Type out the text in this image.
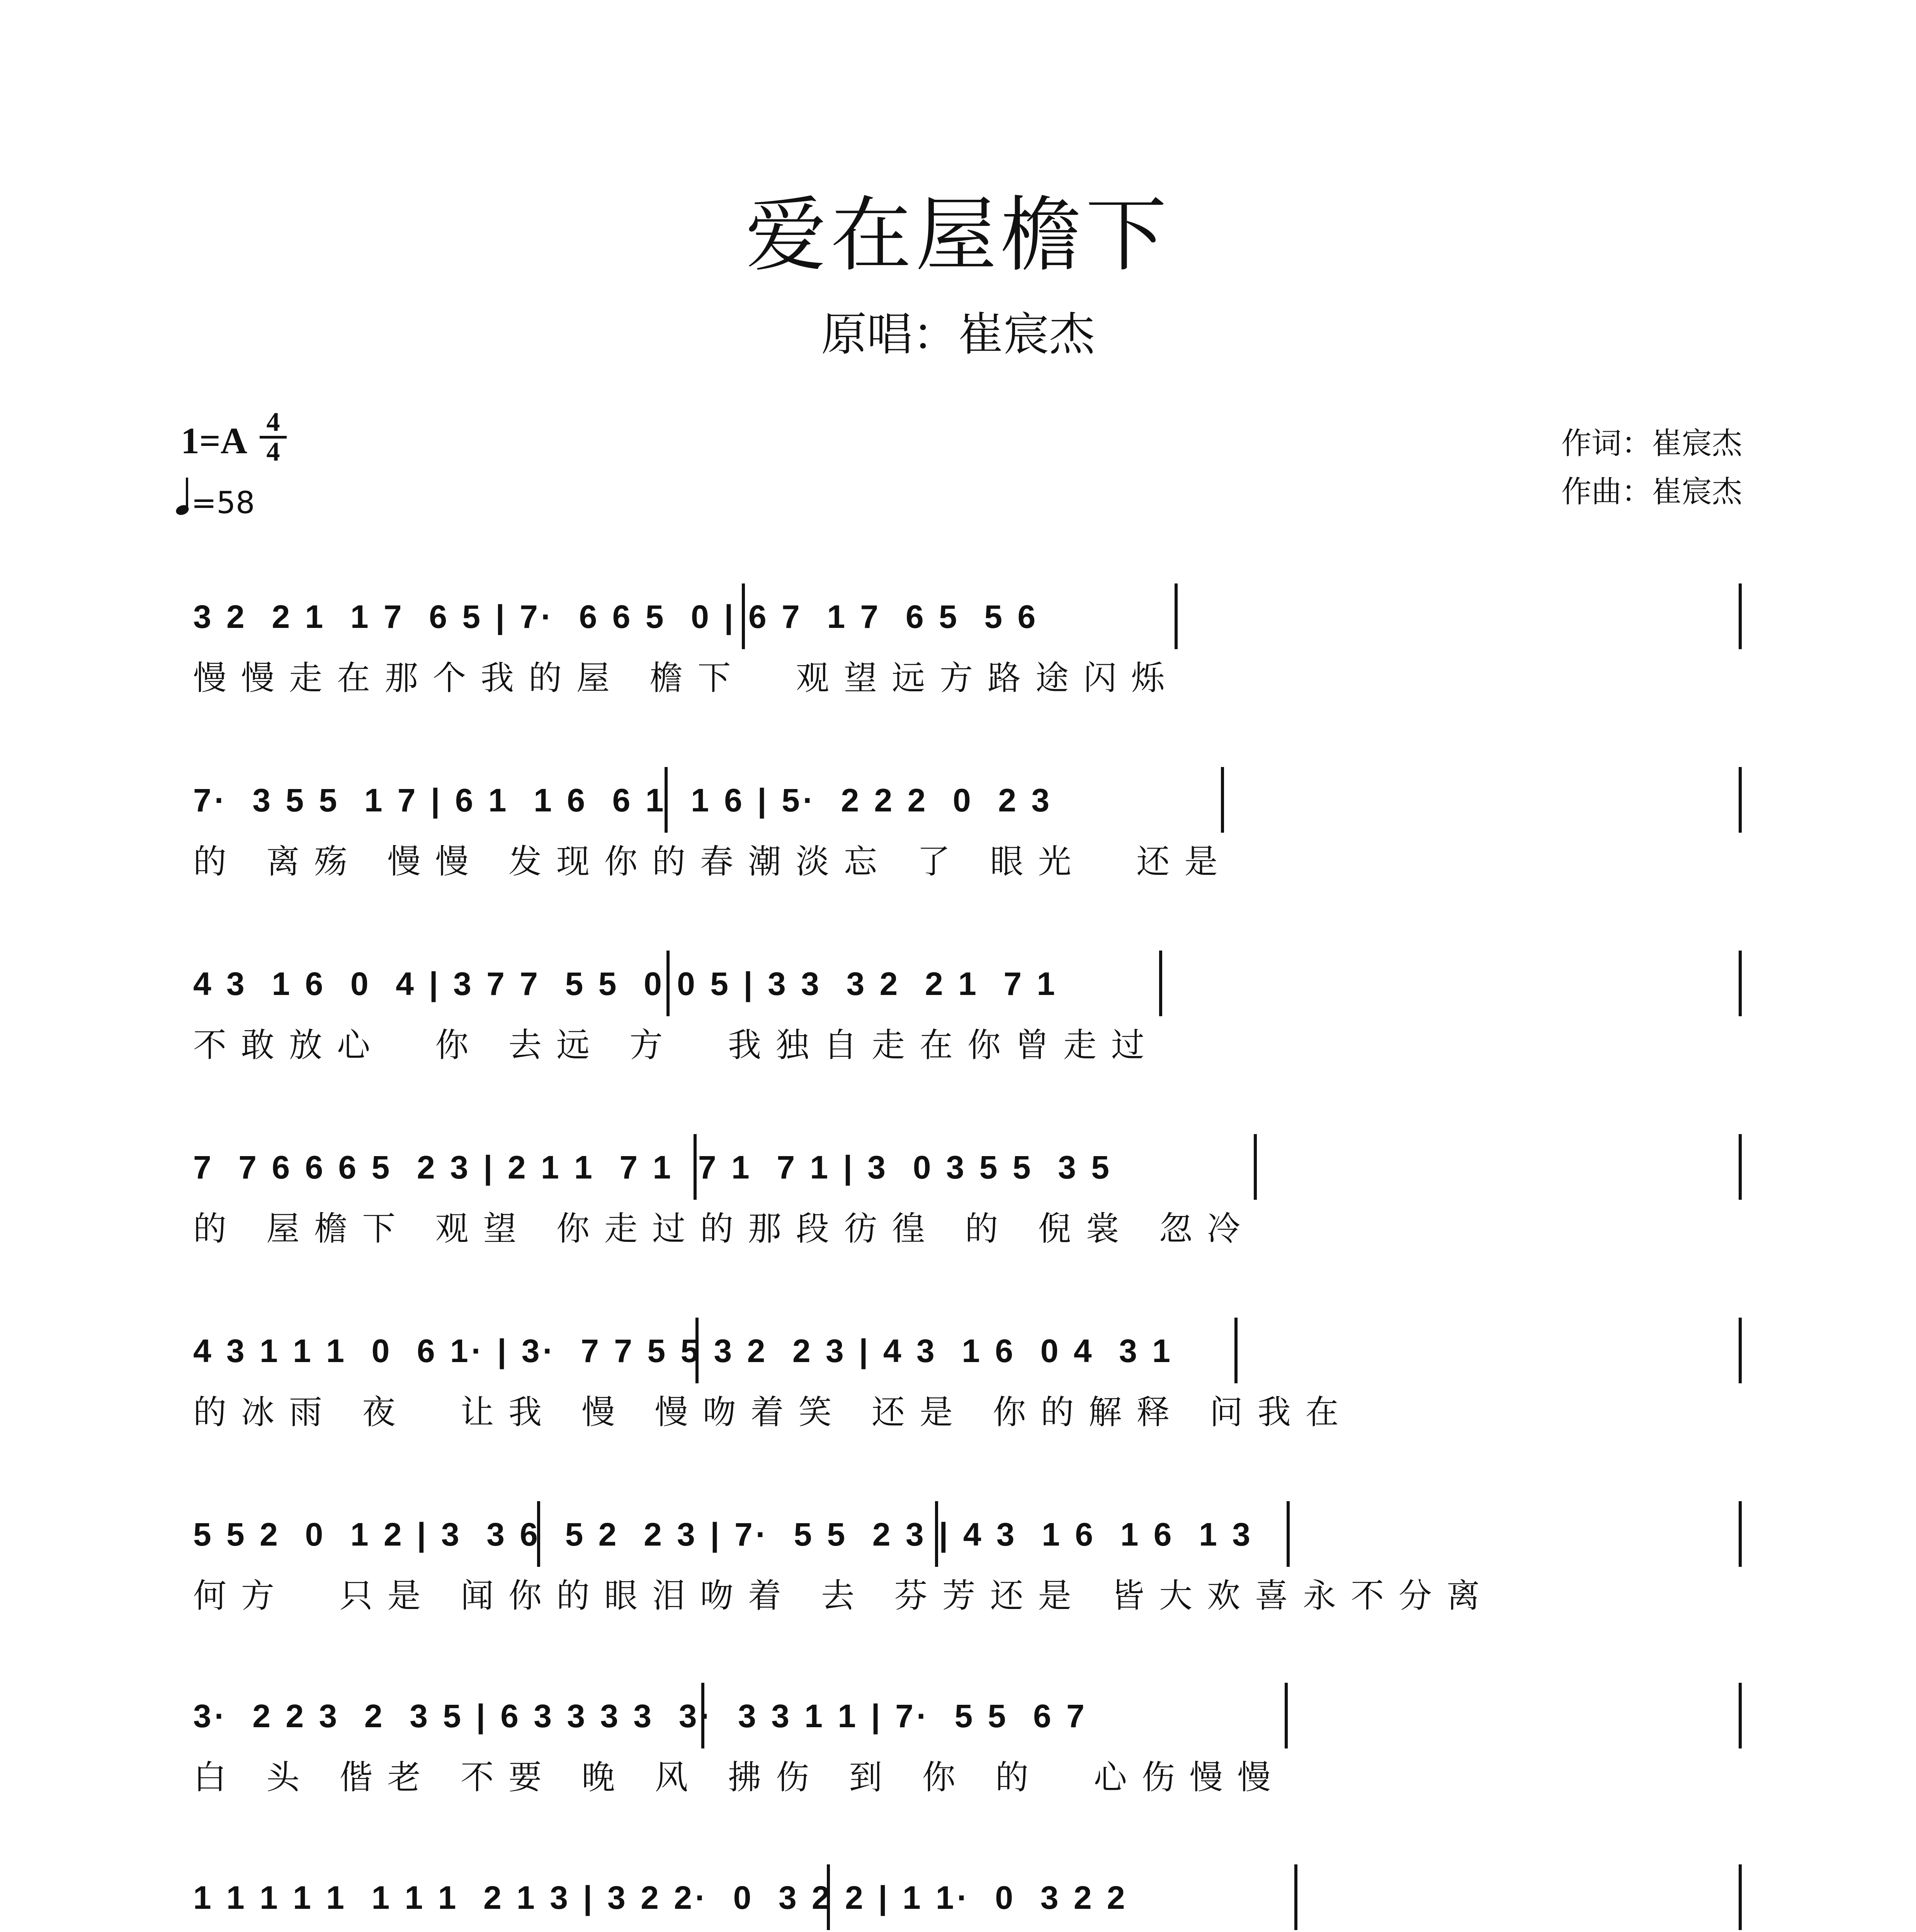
爱在屋檐下
原唱：崔宸杰
1=A 4
4
=58
作词：崔宸杰
作曲：崔宸杰
3 2  2 1  1 7  6 5 | 7·  6 6 5  0 | 6 7  1 7  6 5  5 6
慢慢走在那个我的屋 檐下  观望远方路途闪烁
7·  3 5 5  1 7 | 6 1  1 6  6 1  1 6 | 5·  2 2 2  0  2 3
的 离殇 慢慢 发现你的春潮淡忘 了 眼光  还是
4 3  1 6  0  4 | 3 7 7  5 5  0 0 5 | 3 3  3 2  2 1  7 1
不敢放心  你 去远 方  我独自走在你曾走过
7  7 6 6 6 5  2 3 | 2 1 1  7 1  7 1  7 1 | 3  0 3 5 5  3 5
的 屋檐下 观望 你走过的那段彷徨 的 倪裳 忽冷
4 3 1 1 1  0  6 1· | 3·  7 7 5 5 3 2  2 3 | 4 3  1 6  0 4  3 1
的冰雨 夜  让我 慢 慢吻着笑 还是 你的解释 问我在
5 5 2  0  1 2 | 3  3 6  5 2  2 3 | 7·  5 5  2 3 | 4 3  1 6  1 6  1 3
何方  只是 闻你的眼泪吻着 去 芬芳还是 皆大欢喜永不分离
3·  2 2 3  2  3 5 | 6 3 3 3 3  3·  3 3 1 1 | 7·  5 5  6 7
白 头 偕老 不要 晚 风 拂伤 到 你 的  心伤慢慢
1 1 1 1 1  1 1 1  2 1 3 | 3 2 2·  0  3 2 2 | 1 1·  0  3 2 2
